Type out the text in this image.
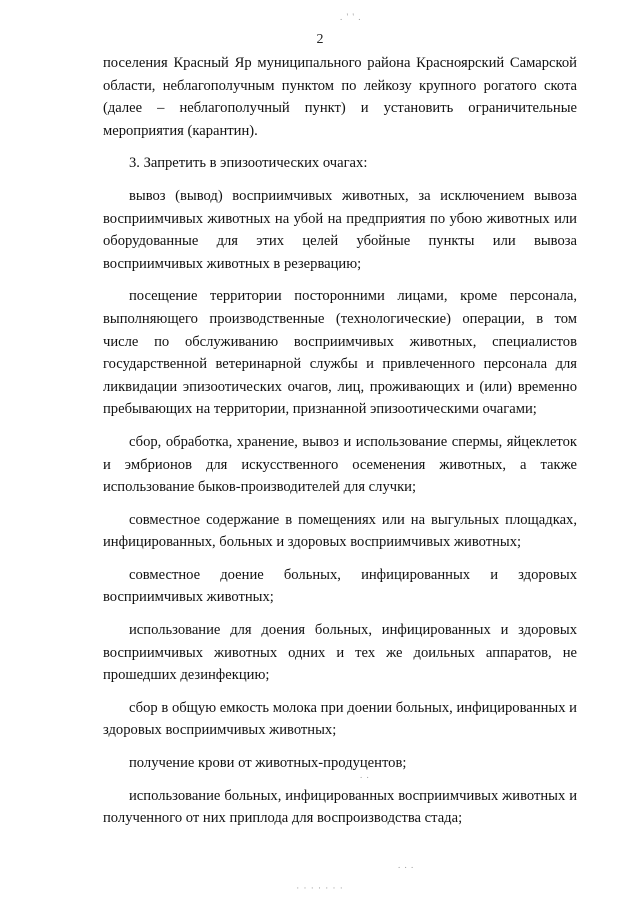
. ' ' .
2

поселения Красный Яр муниципального района Красноярский Самарской области, неблагополучным пунктом по лейкозу крупного рогатого скота (далее – неблагополучный пункт) и установить ограничительные мероприятия (карантин).

3. Запретить в эпизоотических очагах:

вывоз (вывод) восприимчивых животных, за исключением вывоза восприимчивых животных на убой на предприятия по убою животных или оборудованные для этих целей убойные пункты или вывоза восприимчивых животных в резервацию;

посещение территории посторонними лицами, кроме персонала, выполняющего производственные (технологические) операции, в том числе по обслуживанию восприимчивых животных, специалистов государственной ветеринарной службы и привлеченного персонала для ликвидации эпизоотических очагов, лиц, проживающих и (или) временно пребывающих на территории, признанной эпизоотическими очагами;

сбор, обработка, хранение, вывоз и использование спермы, яйцеклеток и эмбрионов для искусственного осеменения животных, а также использование быков-производителей для случки;

совместное содержание в помещениях или на выгульных площадках, инфицированных, больных и здоровых восприимчивых животных;

совместное доение больных, инфицированных и здоровых восприимчивых животных;

использование для доения больных, инфицированных и здоровых восприимчивых животных одних и тех же доильных аппаратов, не прошедших дезинфекцию;

сбор в общую емкость молока при доении больных, инфицированных и здоровых восприимчивых животных;

получение крови от животных-продуцентов;

использование больных, инфицированных восприимчивых животных и полученного от них приплода для воспроизводства стада;

. .
. . .
· · · · · · ·
